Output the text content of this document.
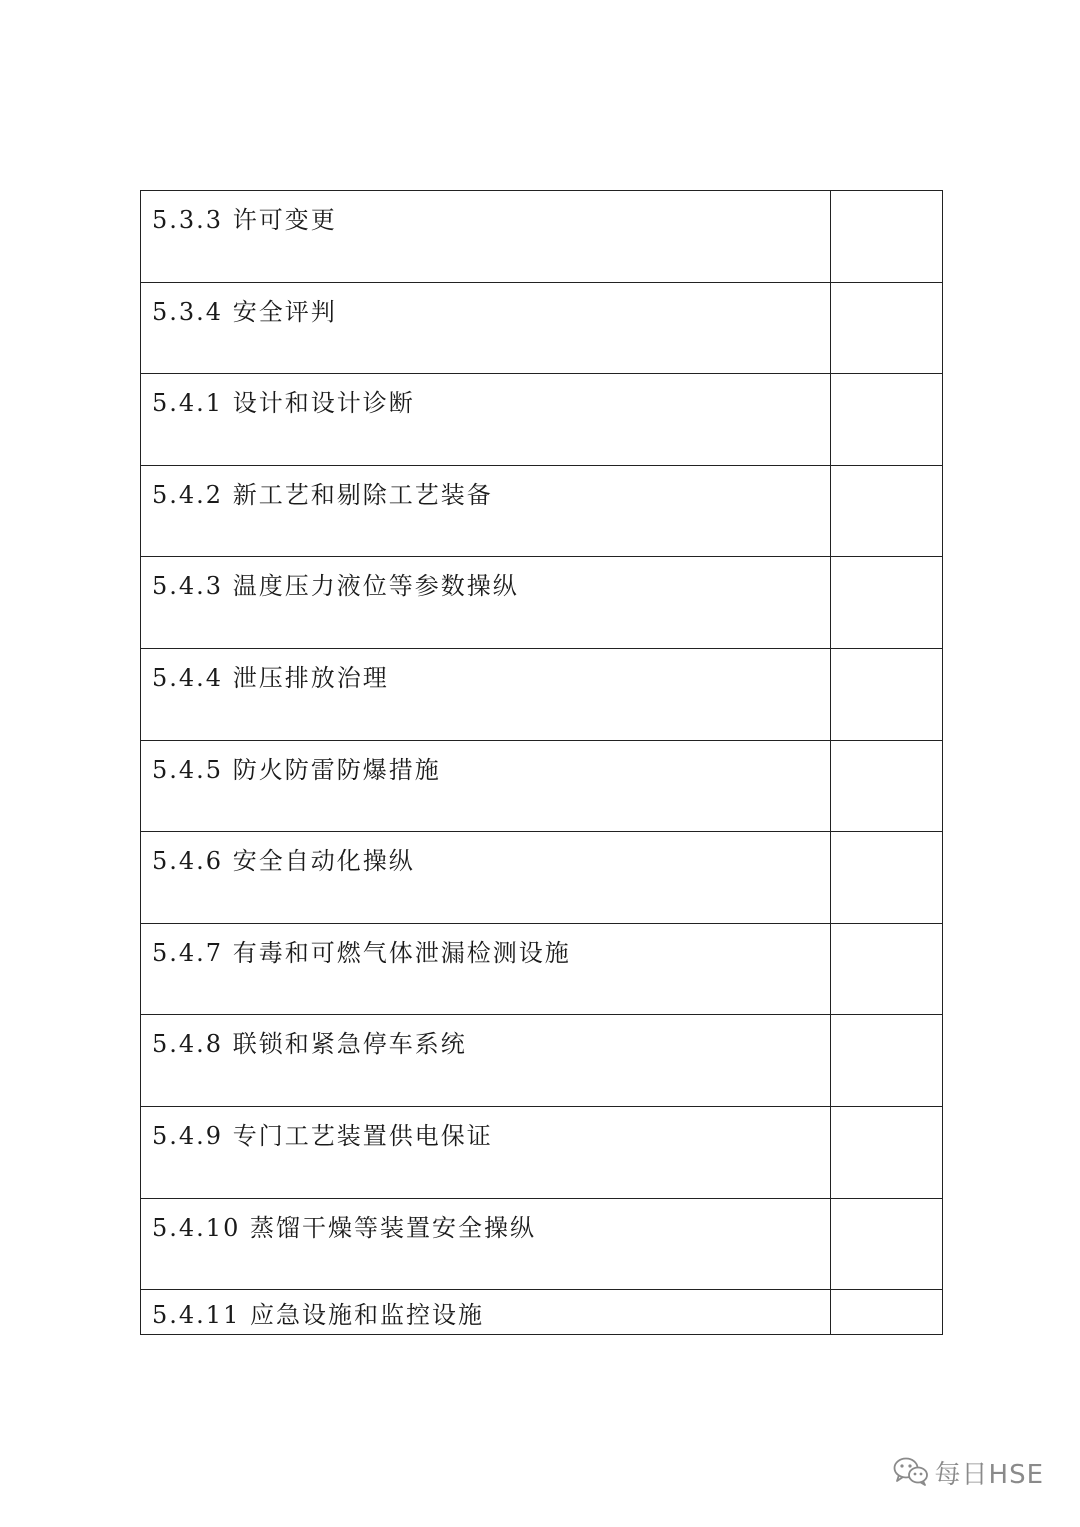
5.3.3 许可变更	

5.3.4 安全评判	

5.4.1 设计和设计诊断	

5.4.2 新工艺和剔除工艺装备	

5.4.3 温度压力液位等参数操纵	

5.4.4 泄压排放治理	

5.4.5 防火防雷防爆措施	

5.4.6 安全自动化操纵	

5.4.7 有毒和可燃气体泄漏检测设施	

5.4.8 联锁和紧急停车系统	

5.4.9 专门工艺装置供电保证	

5.4.10 蒸馏干燥等装置安全操纵	

5.4.11 应急设施和监控设施	

每日HSE
